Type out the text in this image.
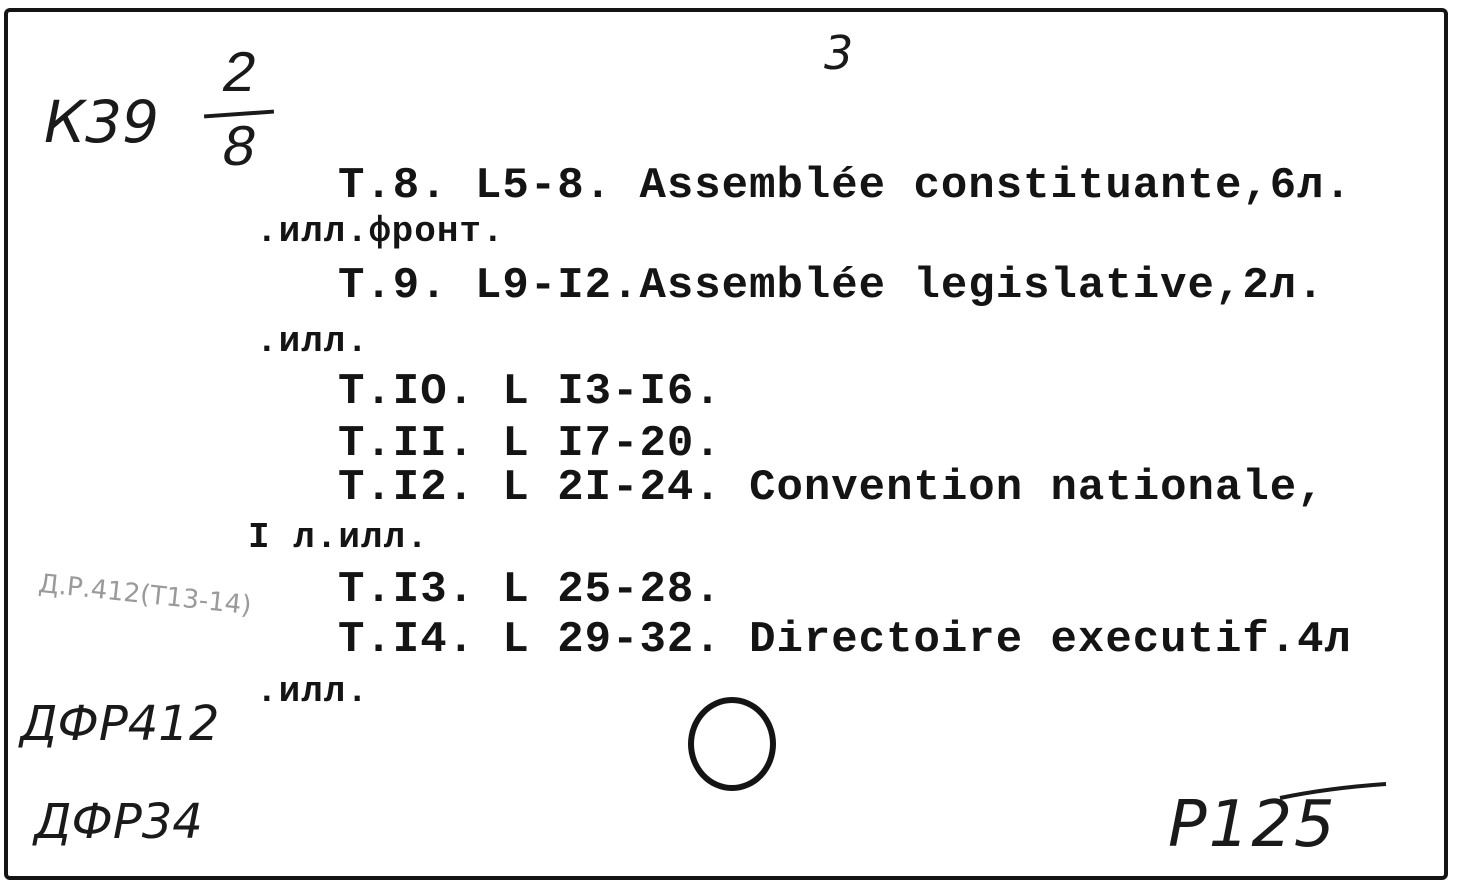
3
К39
2
8
T.8. L5-8. Assemblée constituante,6л.
.илл.фронт.
T.9. L9-I2.Assemblée legislative,2л.
.илл.
T.IO. L I3-I6.
T.II. L I7-20.
T.I2. L 2I-24. Convention nationale,
I л.илл.
T.I3. L 25-28.
Д.Р.412(Т13-14)
T.I4. L 29-32. Directoire executif.4л
.илл.
ДФР412
ДФР34	P125
